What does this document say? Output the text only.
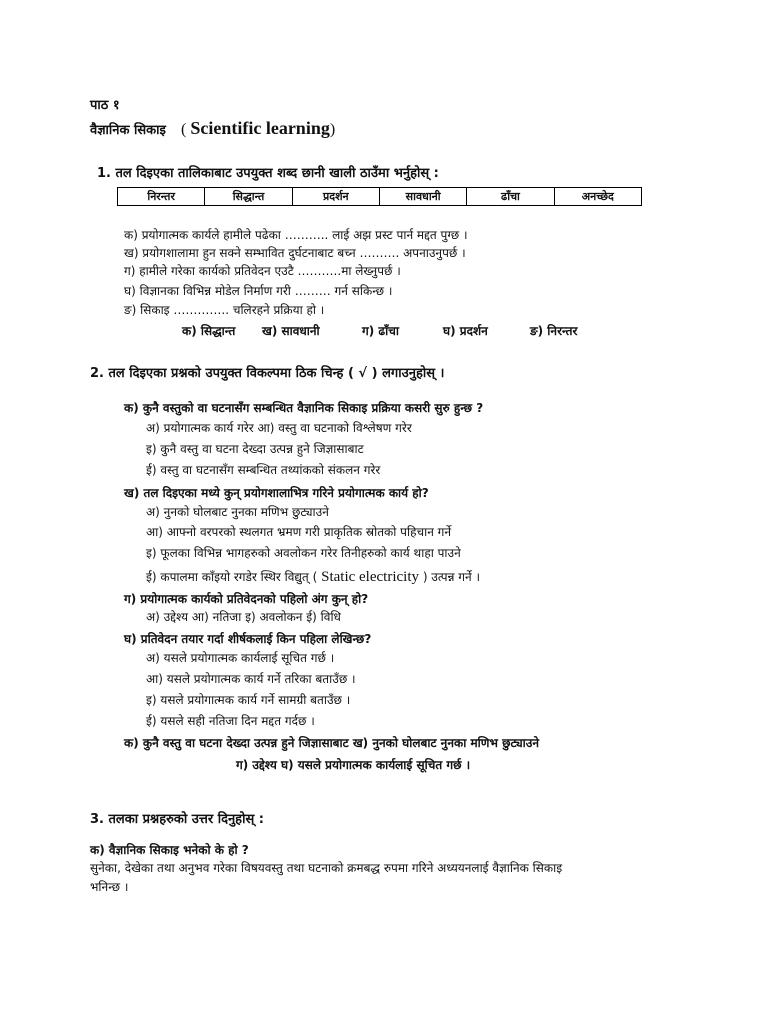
पाठ १
वैज्ञानिक सिकाइ ( Scientific learning)
1. तल दिइएका तालिकाबाट उपयुक्त शब्द छानी खाली ठाउँमा भर्नुहोस् :
निरन्तर	सिद्धान्त	प्रदर्शन	सावधानी	ढाँचा	अनच्छेद
क) प्रयोगात्मक कार्यले हामीले पढेका ……….. लाई अझ प्रस्ट पार्न मद्दत पुग्छ ।
ख) प्रयोगशालामा हुन सक्ने सम्भावित दुर्घटनाबाट बच्न ………. अपनाउनुपर्छ ।
ग) हामीले गरेका कार्यको प्रतिवेदन एउटै ………..मा लेख्नुपर्छ ।
घ) विज्ञानका विभिन्न मोडेल निर्माण गरी ……… गर्न सकिन्छ ।
ङ) सिकाइ ………….. चलिरहने प्रक्रिया हो ।
क) सिद्धान्त ख) सावधानी	ग) ढाँचा	घ) प्रदर्शन	ङ) निरन्तर
2. तल दिइएका प्रश्नको उपयुक्त विकल्पमा ठिक चिन्ह ( √ ) लगाउनुहोस् ।
क) कुनै वस्तुको वा घटनासँग सम्बन्धित वैज्ञानिक सिकाइ प्रक्रिया कसरी सुरु हुन्छ ?
अ) प्रयोगात्मक कार्य गरेर आ) वस्तु वा घटनाको विश्लेषण गरेर
इ) कुनै वस्तु वा घटना देख्दा उत्पन्न हुने जिज्ञासाबाट
ई) वस्तु वा घटनासँग सम्बन्धित तथ्यांकको संकलन गरेर
ख) तल दिइएका मध्ये कुन् प्रयोगशालाभित्र गरिने प्रयोगात्मक कार्य हो?
अ) नुनको घोलबाट नुनका मणिभ छुट्याउने
आ) आफ्नो वरपरको स्थलगत भ्रमण गरी प्राकृतिक स्रोतको पहिचान गर्ने
इ) फूलका विभिन्न भागहरुको अवलोकन गरेर तिनीहरुको कार्य थाहा पाउने
ई) कपालमा काँइयो रगडेर स्थिर विद्युत् ( Static electricity ) उत्पन्न गर्ने ।
ग) प्रयोगात्मक कार्यको प्रतिवेदनको पहिलो अंग कुन् हो?
अ) उद्देश्य आ) नतिजा इ) अवलोकन ई) विधि
घ) प्रतिवेदन तयार गर्दा शीर्षकलाई किन पहिला लेखिन्छ?
अ) यसले प्रयोगात्मक कार्यलाई सूचित गर्छ ।
आ) यसले प्रयोगात्मक कार्य गर्ने तरिका बताउँछ ।
इ) यसले प्रयोगात्मक कार्य गर्ने सामग्री बताउँछ ।
ई) यसले सही नतिजा दिन मद्दत गर्दछ ।
क) कुनै वस्तु वा घटना देख्दा उत्पन्न हुने जिज्ञासाबाट ख) नुनको घोलबाट नुनका मणिभ छुट्याउने
ग) उद्देश्य घ) यसले प्रयोगात्मक कार्यलाई सूचित गर्छ ।
3. तलका प्रश्नहरुको उत्तर दिनुहोस् :
क) वैज्ञानिक सिकाइ भनेको के हो ?
सुनेका, देखेका तथा अनुभव गरेका विषयवस्तु तथा घटनाको क्रमबद्ध रुपमा गरिने अध्ययनलाई वैज्ञानिक सिकाइ
भनिन्छ ।
